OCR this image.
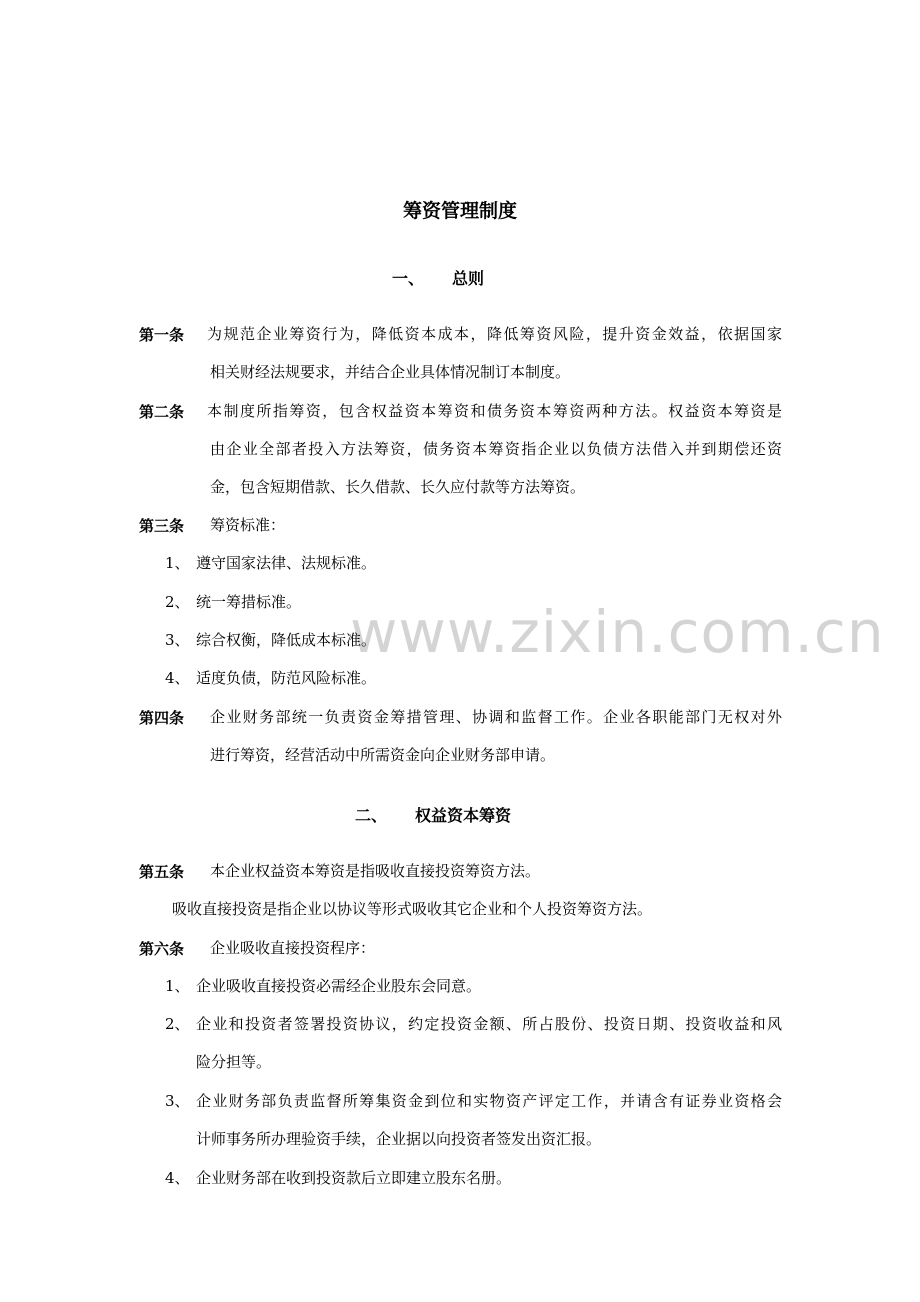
www.zixin.com.cn
筹资管理制度
一、 总则
第一条 为规范企业筹资行为，降低资本成本，降低筹资风险，提升资金效益，依据国家
相关财经法规要求，并结合企业具体情况制订本制度。
第二条 本制度所指筹资，包含权益资本筹资和债务资本筹资两种方法。权益资本筹资是
由企业全部者投入方法筹资，债务资本筹资指企业以负债方法借入并到期偿还资
金，包含短期借款、长久借款、长久应付款等方法筹资。
第三条 筹资标准：
1、 遵守国家法律、法规标准。
2、 统一筹措标准。
3、 综合权衡，降低成本标准。
4、 适度负债，防范风险标准。
第四条 企业财务部统一负责资金筹措管理、协调和监督工作。企业各职能部门无权对外
进行筹资，经营活动中所需资金向企业财务部申请。
二、 权益资本筹资
第五条 本企业权益资本筹资是指吸收直接投资筹资方法。
吸收直接投资是指企业以协议等形式吸收其它企业和个人投资筹资方法。
第六条 企业吸收直接投资程序：
1、 企业吸收直接投资必需经企业股东会同意。
2、 企业和投资者签署投资协议，约定投资金额、所占股份、投资日期、投资收益和风
险分担等。
3、 企业财务部负责监督所筹集资金到位和实物资产评定工作，并请含有证券业资格会
计师事务所办理验资手续，企业据以向投资者签发出资汇报。
4、 企业财务部在收到投资款后立即建立股东名册。
